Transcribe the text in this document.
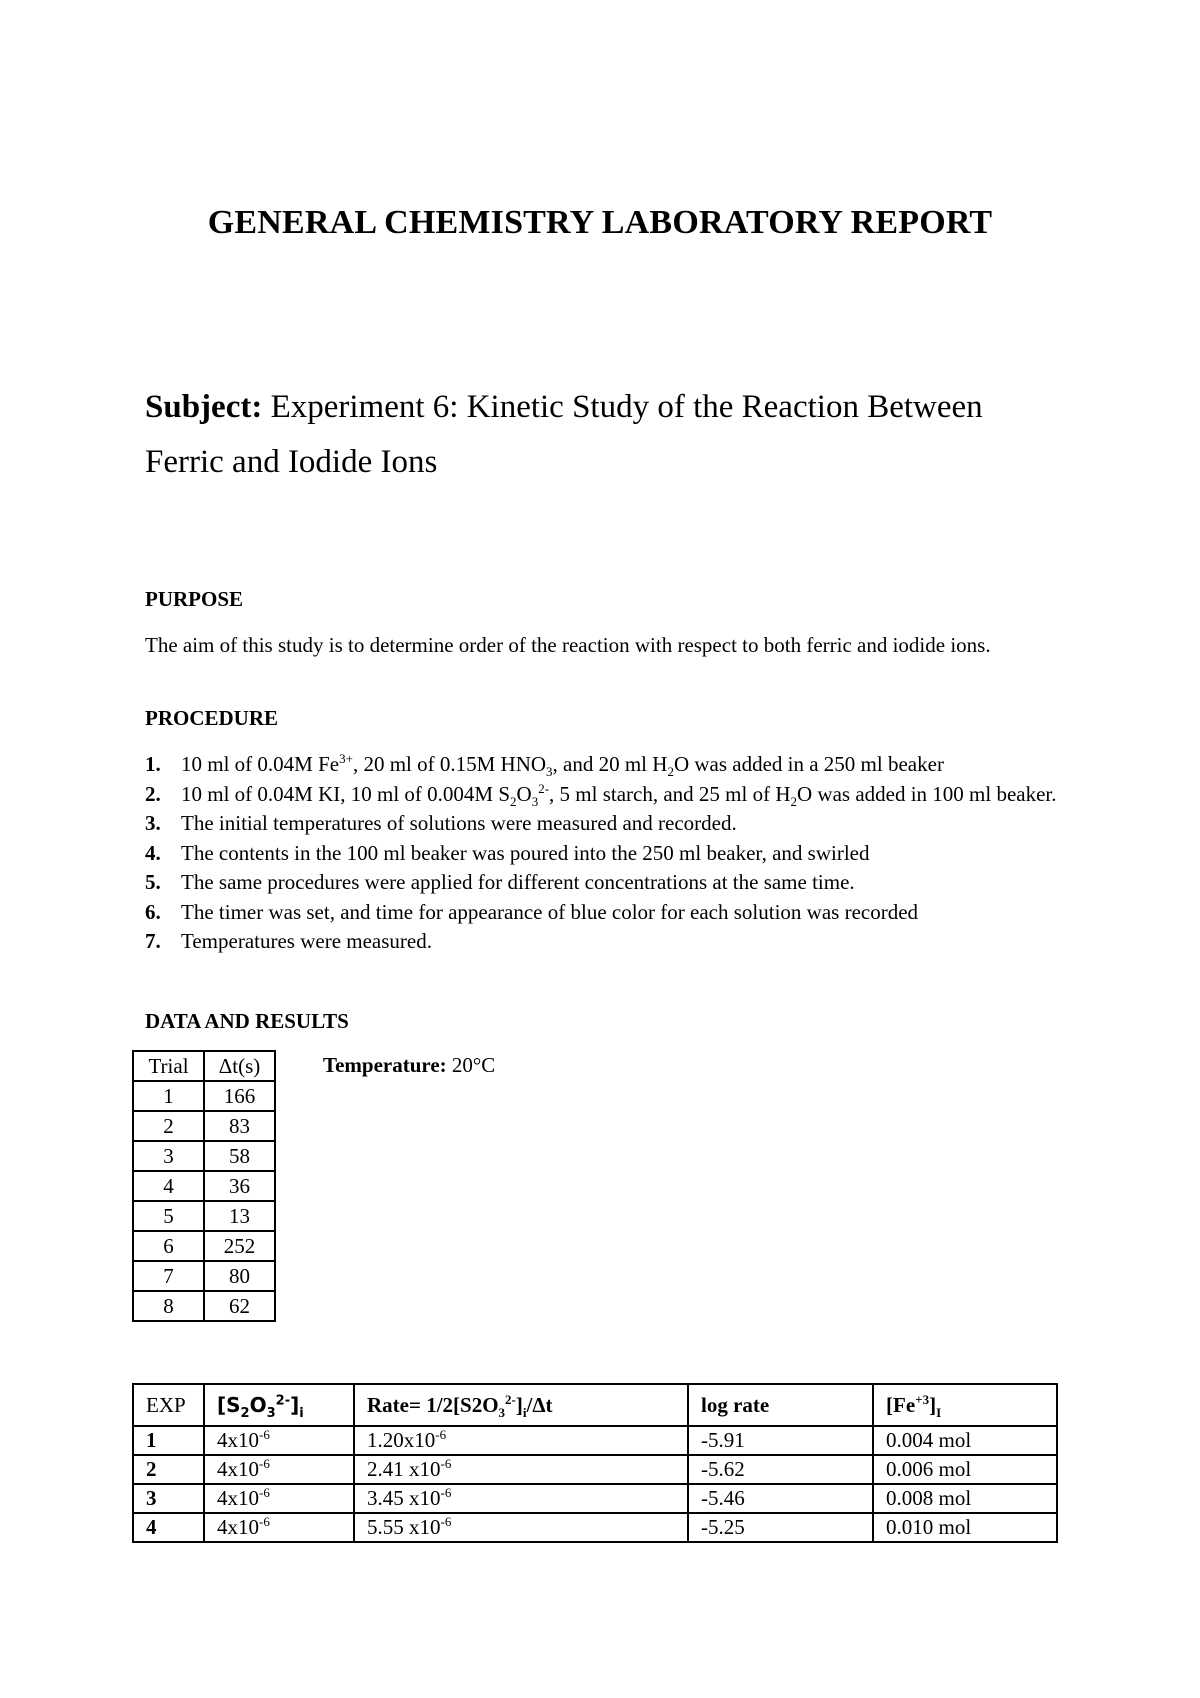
GENERAL CHEMISTRY LABORATORY REPORT
Subject: Experiment 6: Kinetic Study of the Reaction Between Ferric and Iodide Ions
PURPOSE
The aim of this study is to determine order of the reaction with respect to both ferric and iodide ions.
PROCEDURE
1. 10 ml of 0.04M $Fe^{3+}$, 20 ml of 0.15M $HNO_3$, and 20 ml $H_2O$ was added in a 250 ml beaker
2. 10 ml of 0.04M KI, 10 ml of 0.004M $S_2O_3^{2-}$, 5 ml starch, and 25 ml of $H_2O$ was added in 100 ml beaker.
3. The initial temperatures of solutions were measured and recorded.
4. The contents in the 100 ml beaker was poured into the 250 ml beaker, and swirled
5. The same procedures were applied for different concentrations at the same time.
6. The timer was set, and time for appearance of blue color for each solution was recorded
7. Temperatures were measured.
DATA AND RESULTS
Trial	Δt(s)
1	166
2	83
3	58
4	36
5	13
6	252
7	80
8	62
Temperature: 20°C
EXP	$[S_2O_3^{2-}]_i$	Rate= $1/2[S2O_3^{2-}]_i/\Delta t$	log rate	$[Fe^{+3}]_I$
1	$4x10^{-6}$	$1.20x10^{-6}$	-5.91	0.004 mol
2	$4x10^{-6}$	2.41 $x10^{-6}$	-5.62	0.006 mol
3	$4x10^{-6}$	3.45 $x10^{-6}$	-5.46	0.008 mol
4	$4x10^{-6}$	5.55 $x10^{-6}$	-5.25	0.010 mol
